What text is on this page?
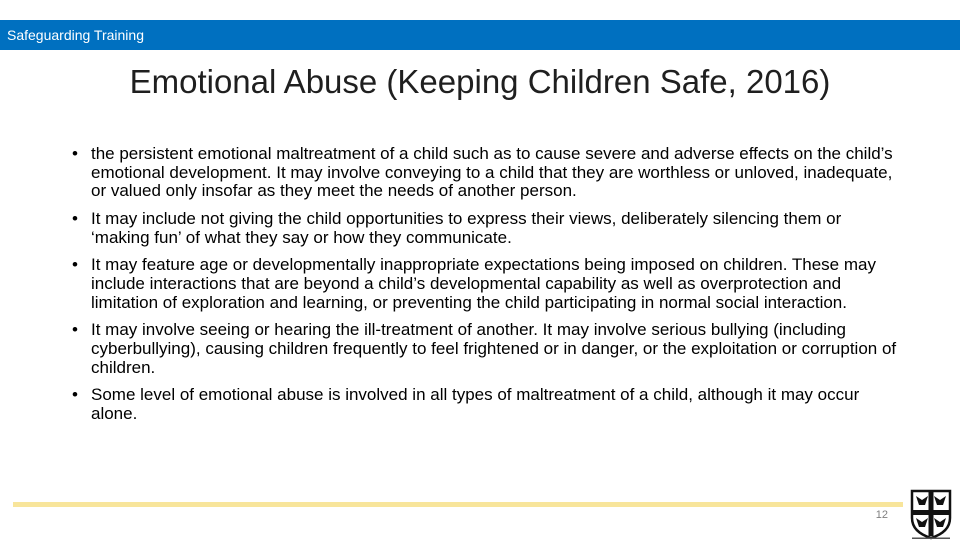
Safeguarding Training
Emotional Abuse (Keeping Children Safe, 2016)
• the persistent emotional maltreatment of a child such as to cause severe and adverse effects on the child’s emotional development. It may involve conveying to a child that they are worthless or unloved, inadequate, or valued only insofar as they meet the needs of another person.
• It may include not giving the child opportunities to express their views, deliberately silencing them or ‘making fun’ of what they say or how they communicate.
• It may feature age or developmentally inappropriate expectations being imposed on children. These may include interactions that are beyond a child’s developmental capability as well as overprotection and limitation of exploration and learning, or preventing the child participating in normal social interaction.
• It may involve seeing or hearing the ill-treatment of another. It may involve serious bullying (including cyberbullying), causing children frequently to feel frightened or in danger, or the exploitation or corruption of children.
• Some level of emotional abuse is involved in all types of maltreatment of a child, although it may occur alone.
12
